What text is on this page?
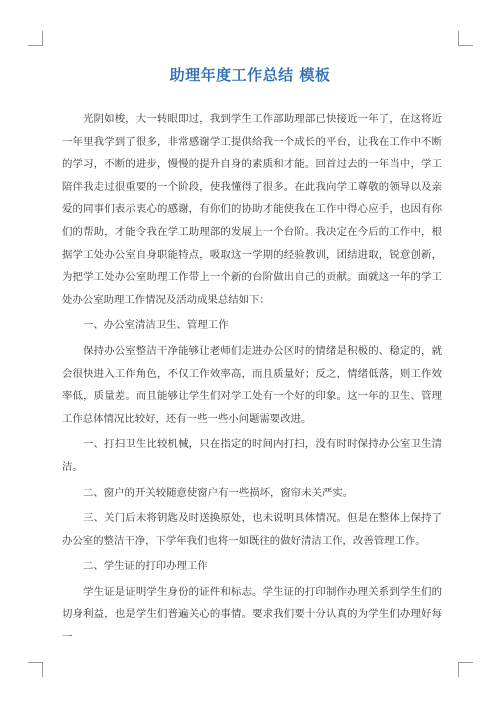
助理年度工作总结 模板

光阴如梭，大一转眼即过，我到学生工作部助理部已快接近一年了，在这将近一年里我学到了很多，非常感谢学工提供给我一个成长的平台，让我在工作中不断的学习，不断的进步，慢慢的提升自身的素质和才能。回首过去的一年当中，学工陪伴我走过很重要的一个阶段，使我懂得了很多。在此我向学工尊敬的领导以及亲爱的同事们表示衷心的感谢，有你们的协助才能使我在工作中得心应手，也因有你们的帮助，才能令我在学工助理部的发展上一个台阶。我决定在今后的工作中，根据学工处办公室自身职能特点，吸取这一学期的经验教训，团结进取，锐意创新，为把学工处办公室助理工作带上一个新的台阶做出自己的贡献。面就这一年的学工处办公室助理工作情况及活动成果总结如下：

一、办公室清洁卫生、管理工作

保持办公室整洁干净能够让老师们走进办公区时的情绪是积极的、稳定的，就会很快进入工作角色，不仅工作效率高，而且质量好；反之，情绪低落，则工作效率低，质量差。而且能够让学生们对学工处有一个好的印象。这一年的卫生、管理工作总体情况比较好，还有一些一些小问题需要改进。

一、打扫卫生比较机械，只在指定的时间内打扫，没有时时保持办公室卫生清洁。

二、窗户的开关较随意使窗户有一些损坏，窗帘未关严实。

三、关门后未将钥匙及时送换原处，也未说明具体情况。但是在整体上保持了办公室的整洁干净，下学年我们也将一如既往的做好清洁工作，改善管理工作。

二、学生证的打印办理工作

学生证是证明学生身份的证件和标志。学生证的打印制作办理关系到学生们的切身利益，也是学生们普遍关心的事情。要求我们要十分认真的为学生们办理好每一
